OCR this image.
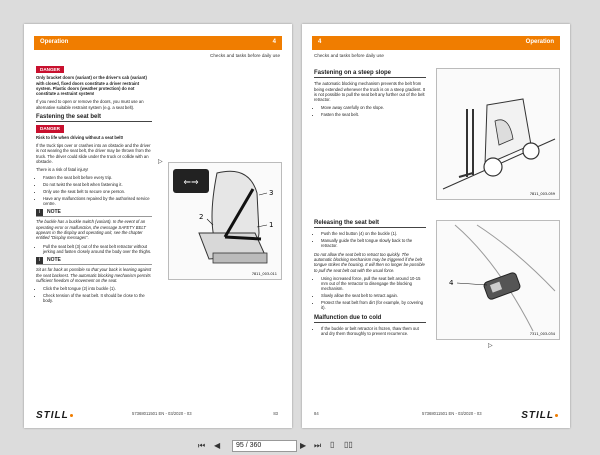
Operation	4
Checks and tasks before daily use
DANGER

Only bracket doors (variant) or the driver's cab (variant) with closed, fixed doors constitute a driver restraint system. Plastic doors (weather protection) do not constitute a restraint system!

If you need to open or remove the doors, you must use an alternative suitable restraint system (e.g. a seat belt).

Fastening the seat belt
DANGER

Risk to life when driving without a seat belt!

If the truck tips over or crashes into an obstacle and the driver is not wearing the seat belt, the driver may be thrown from the truck. The driver could slide under the truck or collide with an obstacle.

There is a risk of fatal injury!

• Fasten the seat belt before every trip.
• Do not twist the seat belt when fastening it.
• Only use the seat belt to secure one person.
• Have any malfunctions repaired by the authorised service centre.
i	NOTE

The buckle has a buckle switch (variant). In the event of an operating error or malfunction, the message SAFETY BELT appears in the display and operating unit, see the chapter entitled "Display messages".

• Pull the seat belt (3) out of the seat belt retractor without jerking and fasten closely around the body over the thighs.
i	NOTE

Sit as far back as possible so that your back is leaning against the seat backrest. The automatic blocking mechanism permits sufficient freedom of movement on the seat.

• Click the belt tongue (2) into buckle (1).
• Check tension of the seat belt. It should be close to the body.
▷
⇐⇒
3
2
1
7811_003-011
57368011501 EN - 03/2020 - 03	83
STILL
4	Operation
Checks and tasks before daily use
Fastening on a steep slope

The automatic blocking mechanism prevents the belt from being extended whenever the truck is on a steep gradient. It is not possible to pull the seat belt any further out of the belt retractor.

• Move away carefully on the slope.
• Fasten the seat belt.
Releasing the seat belt
• Push the red button (4) on the buckle (1).
• Manually guide the belt tongue slowly back to the retractor.

Do not allow the seat belt to retract too quickly. The automatic blocking mechanism may be triggered if the belt tongue strikes the housing. It will then no longer be possible to pull the seat belt out with the usual force.

• Using increased force, pull the seat belt around 10-15 mm out of the retractor to disengage the blocking mechanism.
• Slowly allow the seat belt to retract again.
• Protect the seat belt from dirt (for example, by covering it).
Malfunction due to cold
• If the buckle or belt retractor is frozen, thaw them out and dry them thoroughly to prevent recurrence.
▷
7811_003-059
4
7311_003-034
84	57368011501 EN - 03/2020 - 03	STILL
⏮ ◀	95 / 360	▶ ⏭ ▯ ▯▯
